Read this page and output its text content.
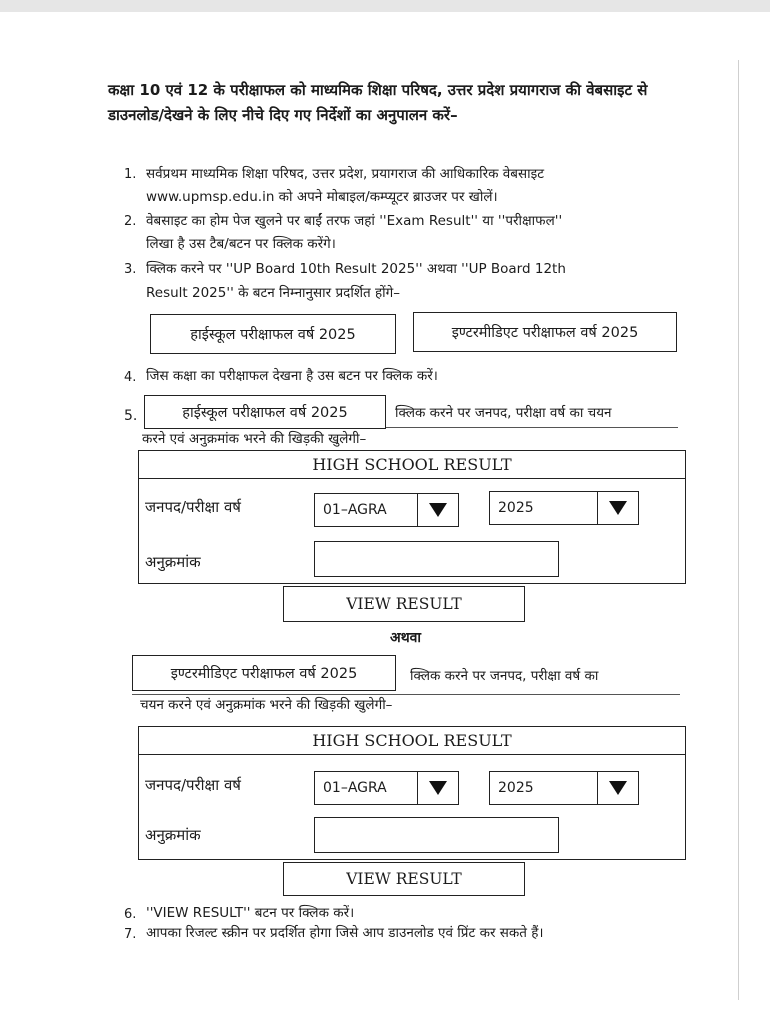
कक्षा 10 एवं 12 के परीक्षाफल को माध्यमिक शिक्षा परिषद, उत्तर प्रदेश प्रयागराज की वेबसाइट से डाउनलोड/देखने के लिए नीचे दिए गए निर्देशों का अनुपालन करें–
1. सर्वप्रथम माध्यमिक शिक्षा परिषद, उत्तर प्रदेश, प्रयागराज की आधिकारिक वेबसाइट
www.upmsp.edu.in को अपने मोबाइल/कम्प्यूटर ब्राउजर पर खोलें।
2. वेबसाइट का होम पेज खुलने पर बाईं तरफ जहां ''Exam Result'' या ''परीक्षाफल''
लिखा है उस टैब/बटन पर क्लिक करेंगे।
3. क्लिक करने पर ''UP Board 10th Result 2025'' अथवा ''UP Board 12th
Result 2025'' के बटन निम्नानुसार प्रदर्शित होंगे–
हाईस्कूल परीक्षाफल वर्ष 2025	इण्टरमीडिएट परीक्षाफल वर्ष 2025
4. जिस कक्षा का परीक्षाफल देखना है उस बटन पर क्लिक करें।
5.	हाईस्कूल परीक्षाफल वर्ष 2025	क्लिक करने पर जनपद, परीक्षा वर्ष का चयन
करने एवं अनुक्रमांक भरने की खिड़की खुलेगी–
HIGH SCHOOL RESULT
जनपद/परीक्षा वर्ष	01–AGRA	2025
अनुक्रमांक
VIEW RESULT
अथवा
इण्टरमीडिएट परीक्षाफल वर्ष 2025	क्लिक करने पर जनपद, परीक्षा वर्ष का
चयन करने एवं अनुक्रमांक भरने की खिड़की खुलेगी–
HIGH SCHOOL RESULT
जनपद/परीक्षा वर्ष	01–AGRA	2025
अनुक्रमांक
VIEW RESULT
6. ''VIEW RESULT'' बटन पर क्लिक करें।
7. आपका रिजल्ट स्क्रीन पर प्रदर्शित होगा जिसे आप डाउनलोड एवं प्रिंट कर सकते हैं।
